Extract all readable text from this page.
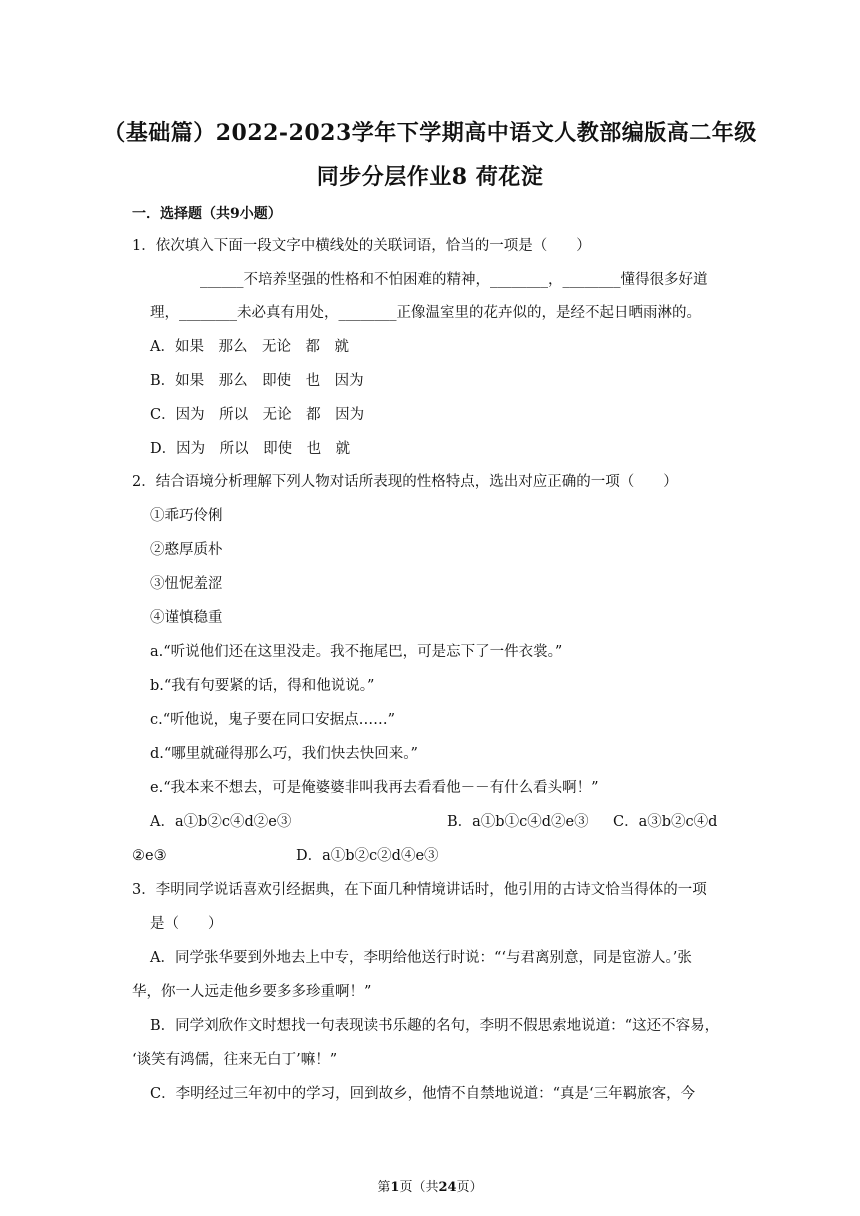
（基础篇）2022-2023学年下学期高中语文人教部编版高二年级
同步分层作业8 荷花淀
一．选择题（共9小题）
1．依次填入下面一段文字中横线处的关联词语，恰当的一项是（　　）
______不培养坚强的性格和不怕困难的精神，________，________懂得很多好道
理，________未必真有用处，________正像温室里的花卉似的，是经不起日晒雨淋的。
A．如果　那么　无论　都　就
B．如果　那么　即使　也　因为
C．因为　所以　无论　都　因为
D．因为　所以　即使　也　就
2．结合语境分析理解下列人物对话所表现的性格特点，选出对应正确的一项（　　）
①乖巧伶俐
②憨厚质朴
③忸怩羞涩
④谨慎稳重
a.“听说他们还在这里没走。我不拖尾巴，可是忘下了一件衣裳。”
b.“我有句要紧的话，得和他说说。”
c.“听他说，鬼子要在同口安据点……”
d.“哪里就碰得那么巧，我们快去快回来。”
e.“我本来不想去，可是俺婆婆非叫我再去看看他－－有什么看头啊！”
A．a①b②c④d②e③	B．a①b①c④d②e③ C．a③b②c④d
②e③	D．a①b②c②d④e③
3．李明同学说话喜欢引经据典，在下面几种情境讲话时，他引用的古诗文恰当得体的一项
是（　　）
A．同学张华要到外地去上中专，李明给他送行时说：“‘与君离别意，同是宦游人。’张
华，你一人远走他乡要多多珍重啊！”
B．同学刘欣作文时想找一句表现读书乐趣的名句，李明不假思索地说道：“这还不容易，
‘谈笑有鸿儒，往来无白丁’嘛！”
C．李明经过三年初中的学习，回到故乡，他情不自禁地说道：“真是‘三年羁旅客，今
第1页（共24页）
